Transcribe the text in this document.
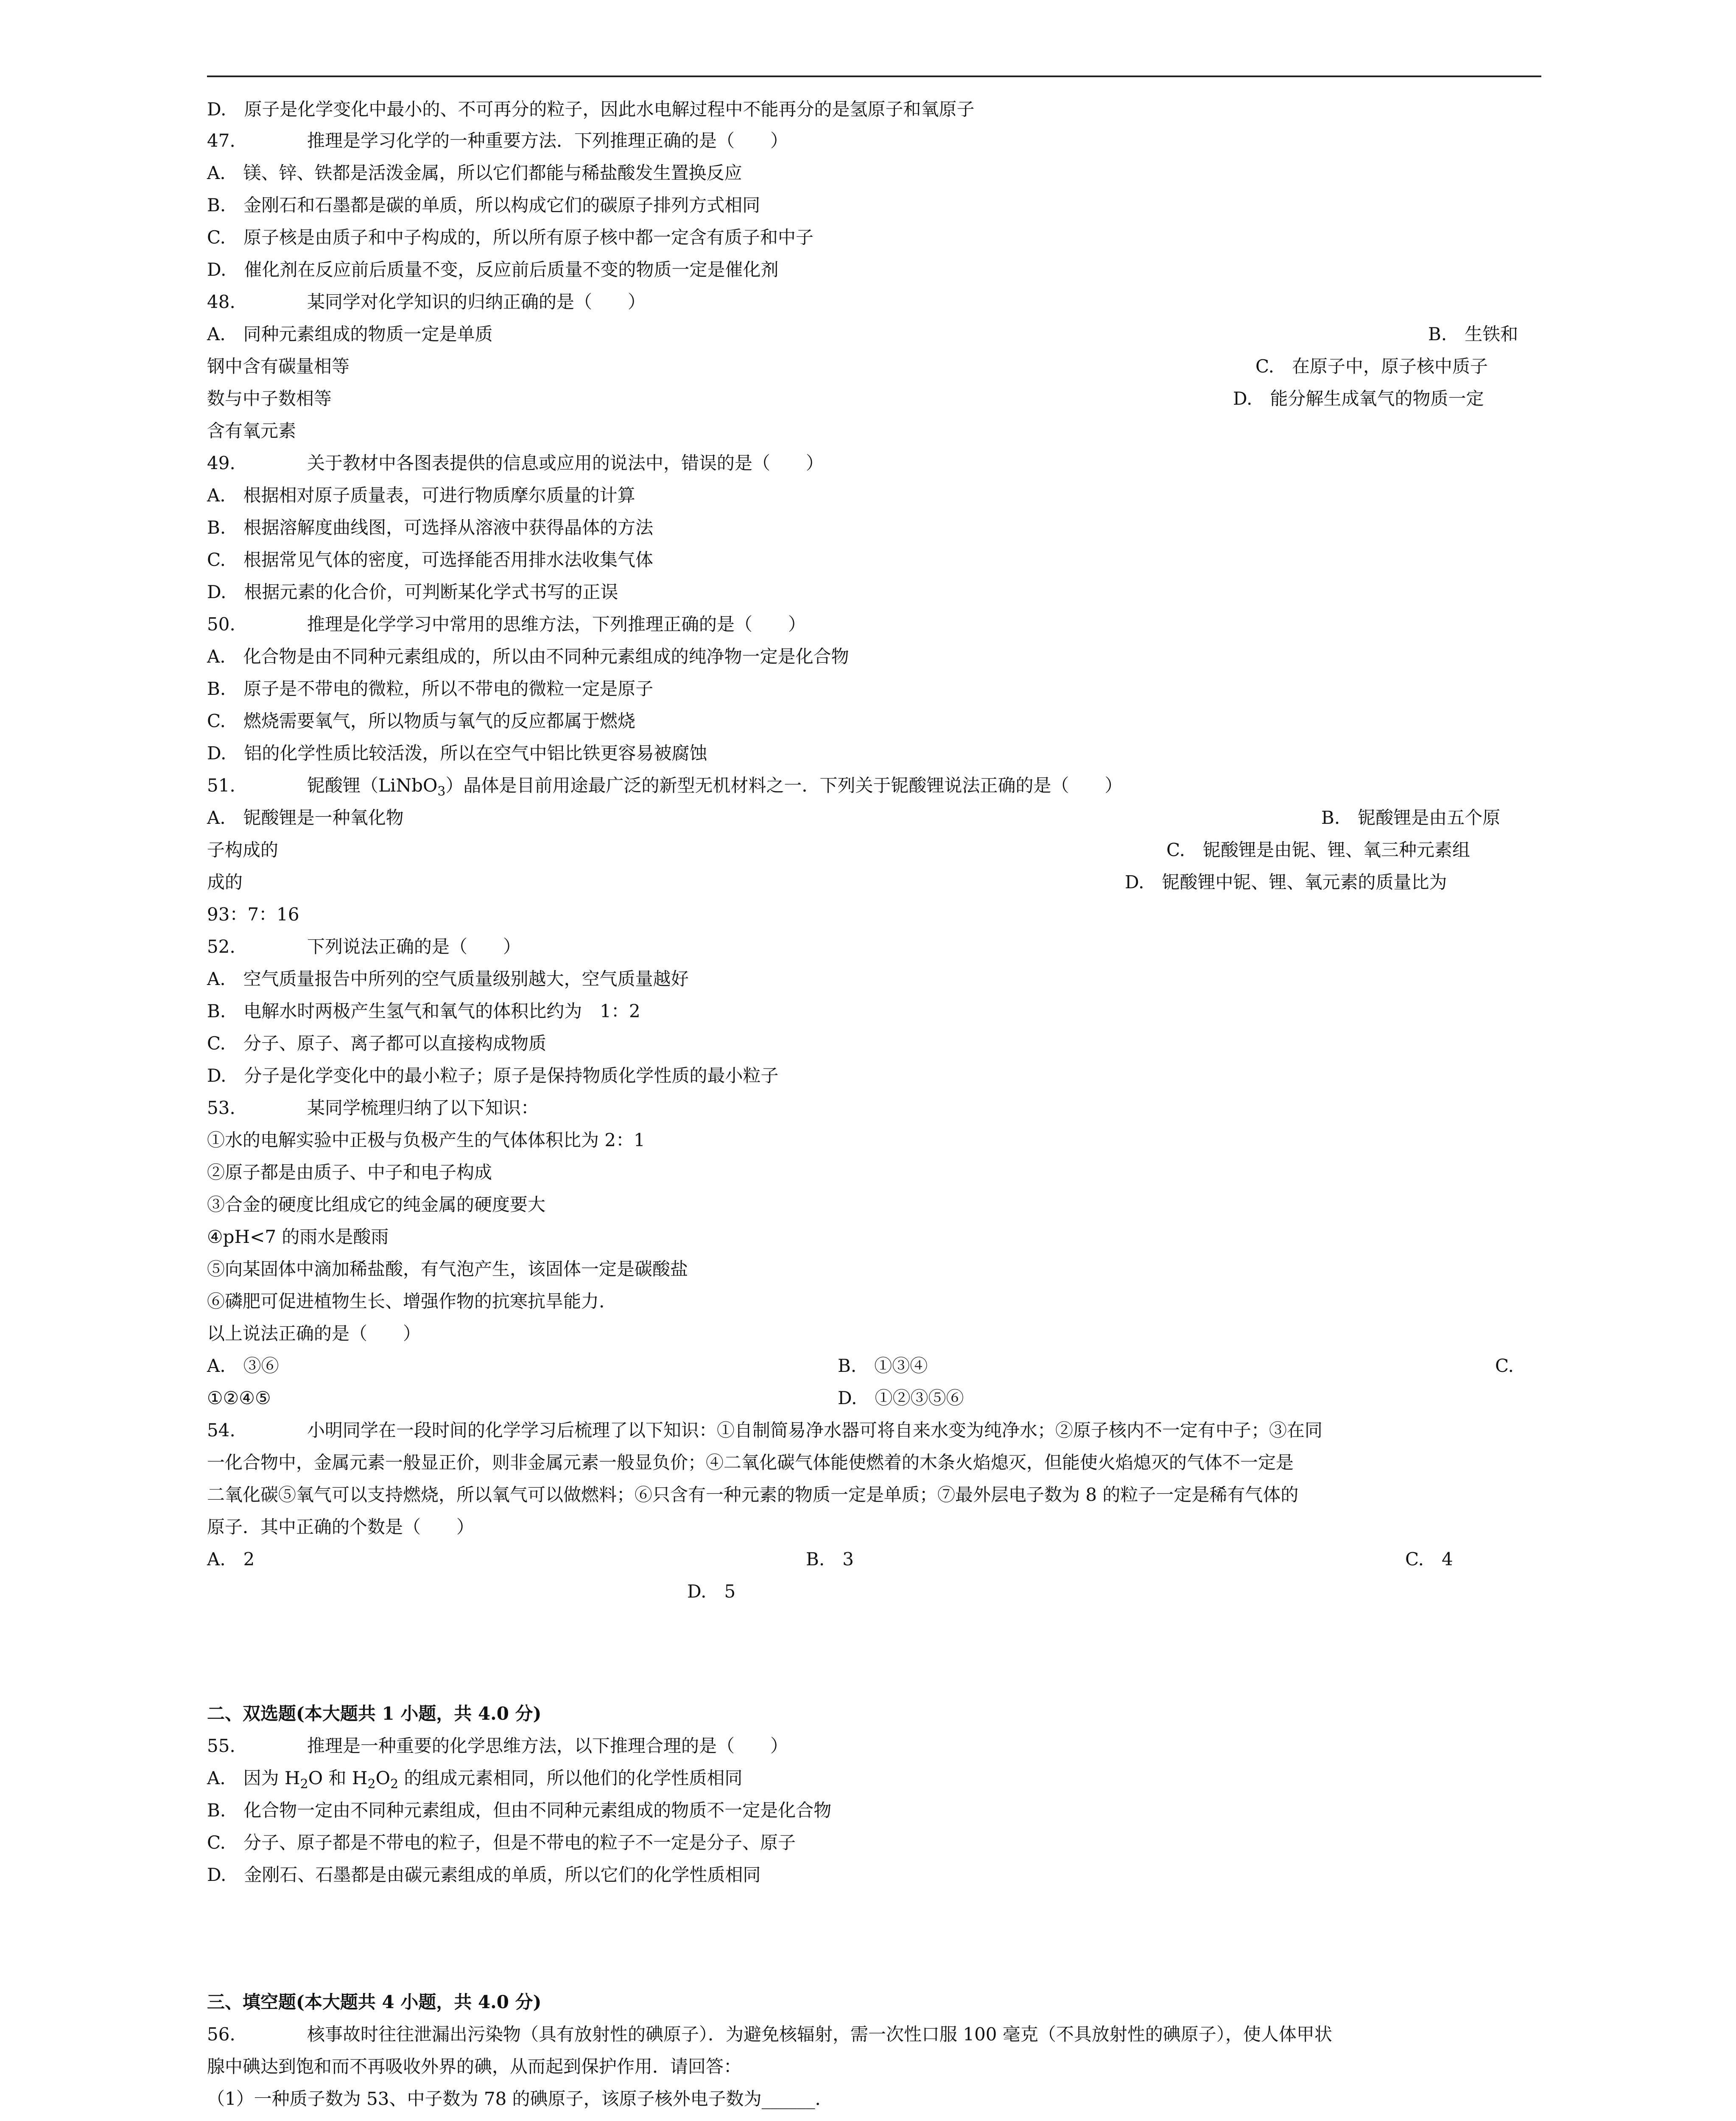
D.　原子是化学变化中最小的、不可再分的粒子，因此水电解过程中不能再分的是氢原子和氧原子
47.	推理是学习化学的一种重要方法．下列推理正确的是（　　）
A.　镁、锌、铁都是活泼金属，所以它们都能与稀盐酸发生置换反应
B.　金刚石和石墨都是碳的单质，所以构成它们的碳原子排列方式相同
C.　原子核是由质子和中子构成的，所以所有原子核中都一定含有质子和中子
D.　催化剂在反应前后质量不变，反应前后质量不变的物质一定是催化剂
48.	某同学对化学知识的归纳正确的是（　　）
A.　同种元素组成的物质一定是单质	B.　生铁和
钢中含有碳量相等	C.　在原子中，原子核中质子
数与中子数相等	D.　能分解生成氧气的物质一定
含有氧元素
49.	关于教材中各图表提供的信息或应用的说法中，错误的是（　　）
A.　根据相对原子质量表，可进行物质摩尔质量的计算
B.　根据溶解度曲线图，可选择从溶液中获得晶体的方法
C.　根据常见气体的密度，可选择能否用排水法收集气体
D.　根据元素的化合价，可判断某化学式书写的正误
50.	推理是化学学习中常用的思维方法，下列推理正确的是（　　）
A.　化合物是由不同种元素组成的，所以由不同种元素组成的纯净物一定是化合物
B.　原子是不带电的微粒，所以不带电的微粒一定是原子
C.　燃烧需要氧气，所以物质与氧气的反应都属于燃烧
D.　铝的化学性质比较活泼，所以在空气中铝比铁更容易被腐蚀
51.	铌酸锂（LiNbO$_3$）晶体是目前用途最广泛的新型无机材料之一．下列关于铌酸锂说法正确的是（　　）
A.　铌酸锂是一种氧化物	B.　铌酸锂是由五个原
子构成的	C.　铌酸锂是由铌、锂、氧三种元素组
成的	D.　铌酸锂中铌、锂、氧元素的质量比为
93：7：16
52.	下列说法正确的是（　　）
A.　空气质量报告中所列的空气质量级别越大，空气质量越好
B.　电解水时两极产生氢气和氧气的体积比约为　1：2
C.　分子、原子、离子都可以直接构成物质
D.　分子是化学变化中的最小粒子；原子是保持物质化学性质的最小粒子
53.	某同学梳理归纳了以下知识：
①水的电解实验中正极与负极产生的气体体积比为 2：1
②原子都是由质子、中子和电子构成
③合金的硬度比组成它的纯金属的硬度要大
④pH<7 的雨水是酸雨
⑤向某固体中滴加稀盐酸，有气泡产生，该固体一定是碳酸盐
⑥磷肥可促进植物生长、增强作物的抗寒抗旱能力.
以上说法正确的是（　　）
A.　③⑥	B.　①③④	C.
①②④⑤	D.　①②③⑤⑥
54.	小明同学在一段时间的化学学习后梳理了以下知识：①自制简易净水器可将自来水变为纯净水；②原子核内不一定有中子；③在同
一化合物中，金属元素一般显正价，则非金属元素一般显负价；④二氧化碳气体能使燃着的木条火焰熄灭，但能使火焰熄灭的气体不一定是
二氧化碳⑤氧气可以支持燃烧，所以氧气可以做燃料；⑥只含有一种元素的物质一定是单质；⑦最外层电子数为 8 的粒子一定是稀有气体的
原子．其中正确的个数是（　　）
A.　2	B.　3	C.　4
D.　5
二、双选题(本大题共 1 小题，共 4.0 分)
55.	推理是一种重要的化学思维方法，以下推理合理的是（　　）
A.　因为 $H_2O$ 和 $H_2O_2$ 的组成元素相同，所以他们的化学性质相同
B.　化合物一定由不同种元素组成，但由不同种元素组成的物质不一定是化合物
C.　分子、原子都是不带电的粒子，但是不带电的粒子不一定是分子、原子
D.　金刚石、石墨都是由碳元素组成的单质，所以它们的化学性质相同
三、填空题(本大题共 4 小题，共 4.0 分)
56.	核事故时往往泄漏出污染物（具有放射性的碘原子）．为避免核辐射，需一次性口服 100 毫克（不具放射性的碘原子），使人体甲状
腺中碘达到饱和而不再吸收外界的碘，从而起到保护作用．请回答：
（1）一种质子数为 53、中子数为 78 的碘原子，该原子核外电子数为______．
